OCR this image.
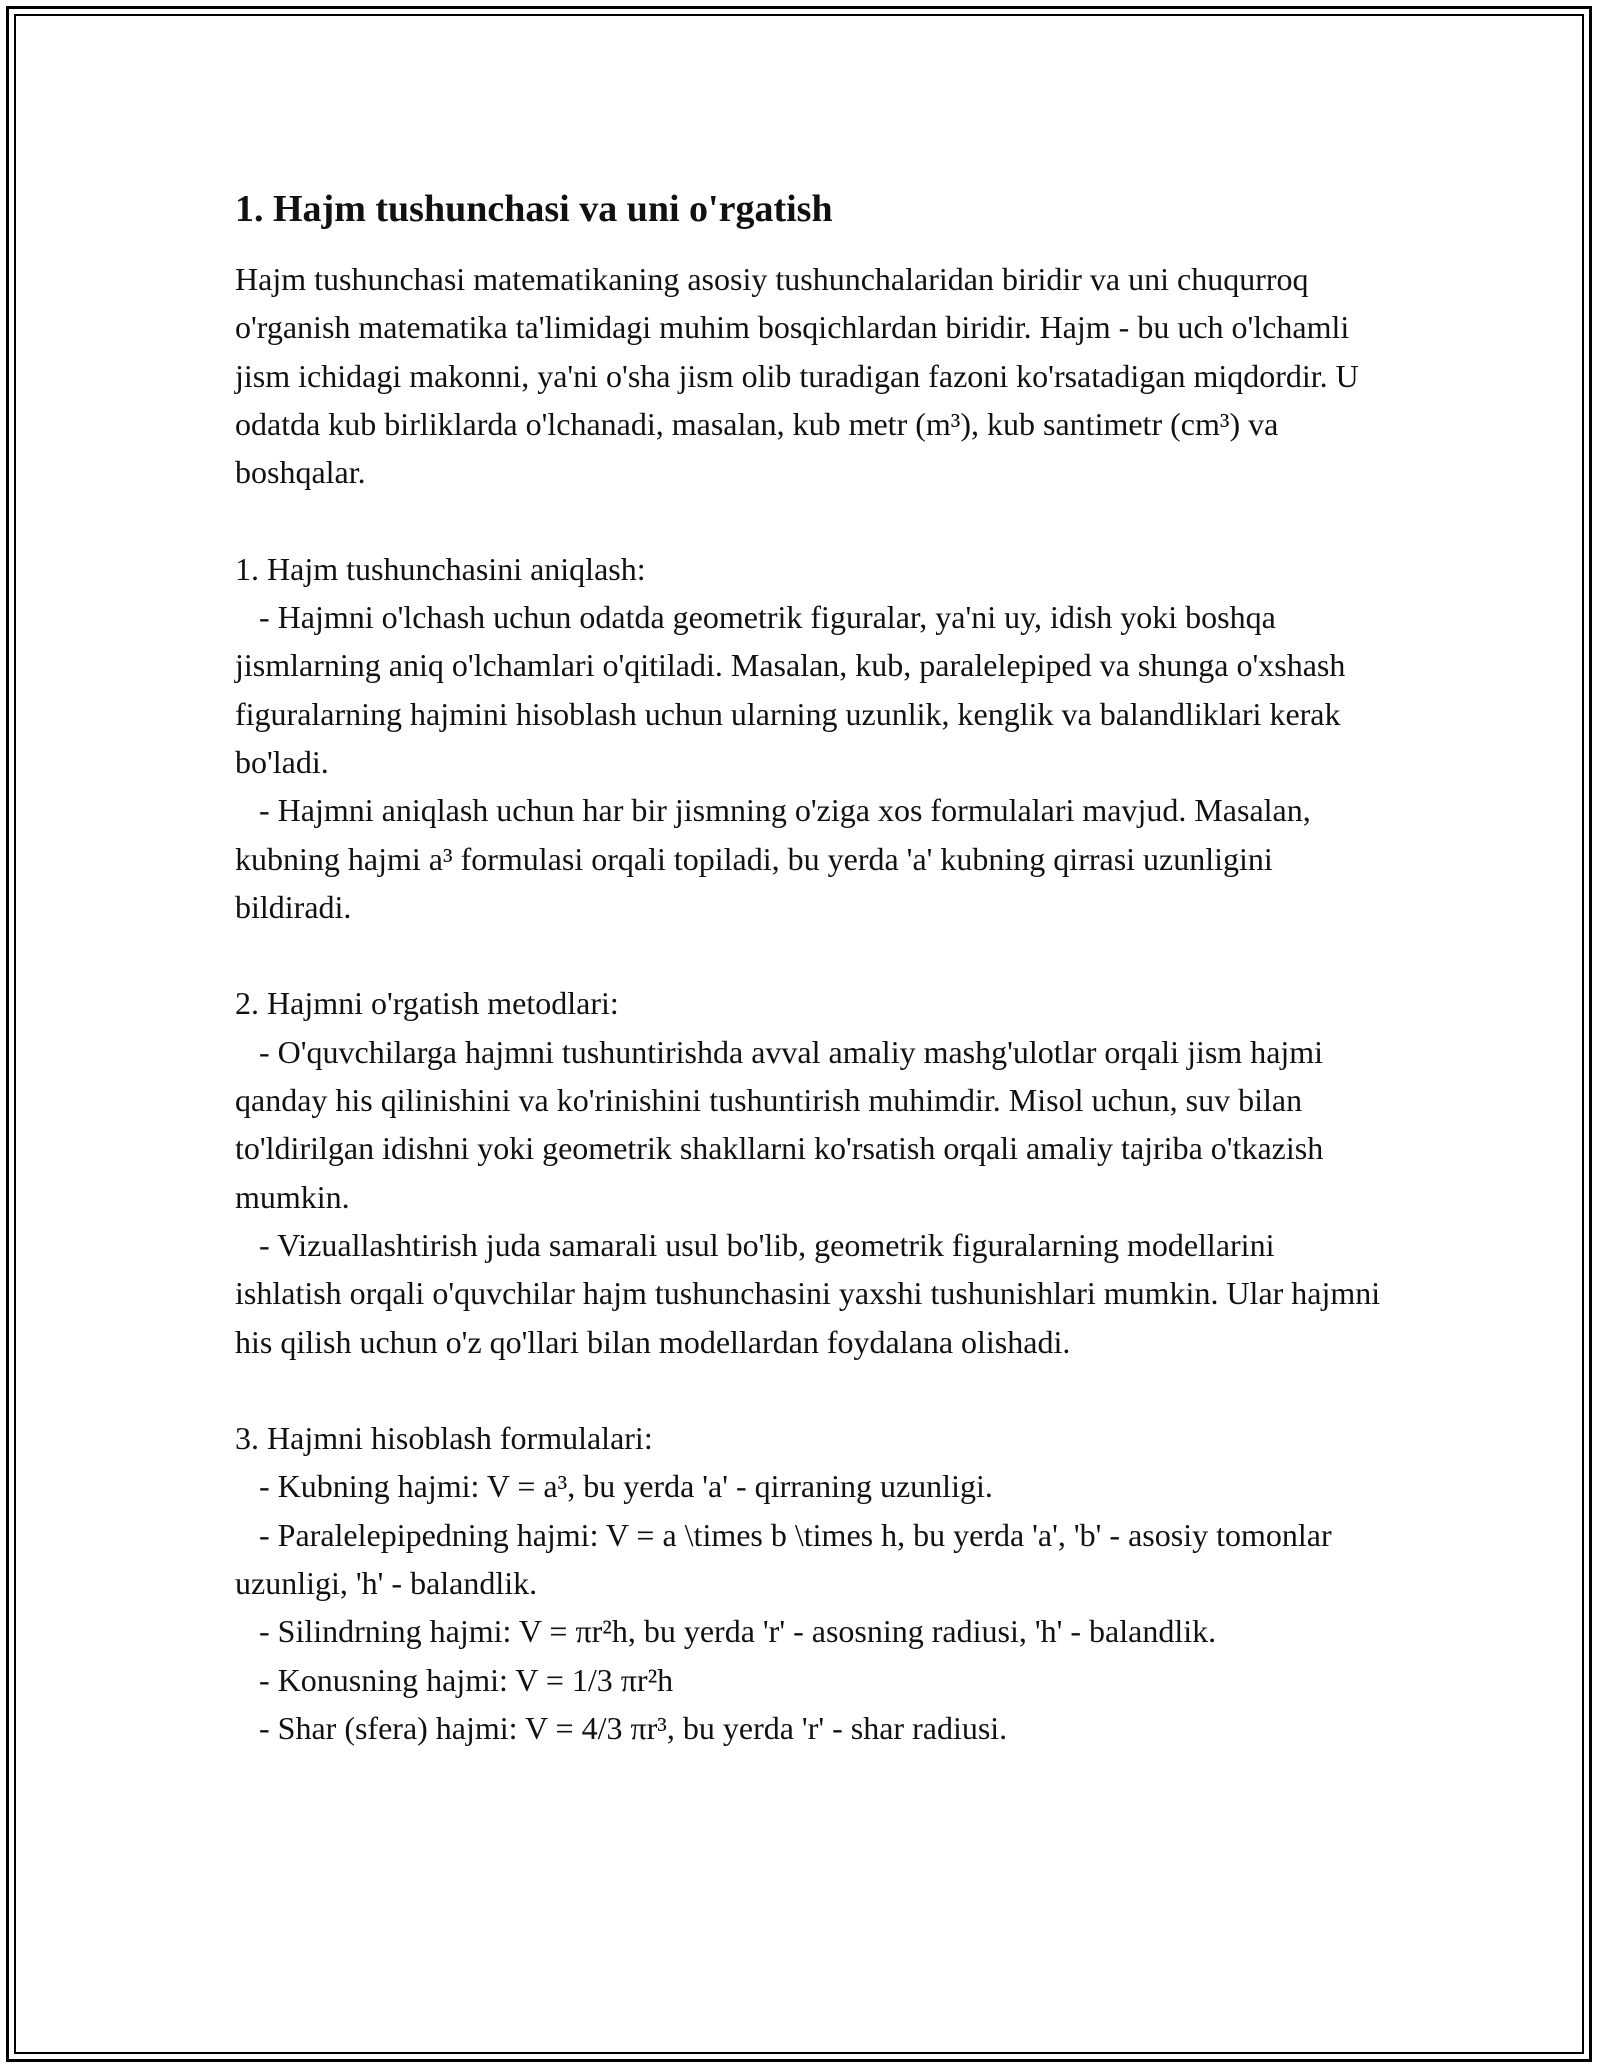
1. Hajm tushunchasi va uni o'rgatish

Hajm tushunchasi matematikaning asosiy tushunchalaridan biridir va uni chuqurroq o'rganish matematika ta'limidagi muhim bosqichlardan biridir. Hajm - bu uch o'lchamli jism ichidagi makonni, ya'ni o'sha jism olib turadigan fazoni ko'rsatadigan miqdordir. U odatda kub birliklarda o'lchanadi, masalan, kub metr (m³), kub santimetr (cm³) va boshqalar.

1. Hajm tushunchasini aniqlash:

- Hajmni o'lchash uchun odatda geometrik figuralar, ya'ni uy, idish yoki boshqa jismlarning aniq o'lchamlari o'qitiladi. Masalan, kub, paralelepiped va shunga o'xshash figuralarning hajmini hisoblash uchun ularning uzunlik, kenglik va balandliklari kerak bo'ladi.

- Hajmni aniqlash uchun har bir jismning o'ziga xos formulalari mavjud. Masalan, kubning hajmi a³ formulasi orqali topiladi, bu yerda 'a' kubning qirrasi uzunligini bildiradi.

2. Hajmni o'rgatish metodlari:

- O'quvchilarga hajmni tushuntirishda avval amaliy mashg'ulotlar orqali jism hajmi qanday his qilinishini va ko'rinishini tushuntirish muhimdir. Misol uchun, suv bilan to'ldirilgan idishni yoki geometrik shakllarni ko'rsatish orqali amaliy tajriba o'tkazish mumkin.

- Vizuallashtirish juda samarali usul bo'lib, geometrik figuralarning modellarini ishlatish orqali o'quvchilar hajm tushunchasini yaxshi tushunishlari mumkin. Ular hajmni his qilish uchun o'z qo'llari bilan modellardan foydalana olishadi.

3. Hajmni hisoblash formulalari:

- Kubning hajmi: V = a³, bu yerda 'a' - qirraning uzunligi.

- Paralelepipedning hajmi: V = a \times b \times h, bu yerda 'a', 'b' - asosiy tomonlar uzunligi, 'h' - balandlik.

- Silindrning hajmi: V = πr²h, bu yerda 'r' - asosning radiusi, 'h' - balandlik.

- Konusning hajmi: V = 1/3 πr²h

- Shar (sfera) hajmi: V = 4/3 πr³, bu yerda 'r' - shar radiusi.
